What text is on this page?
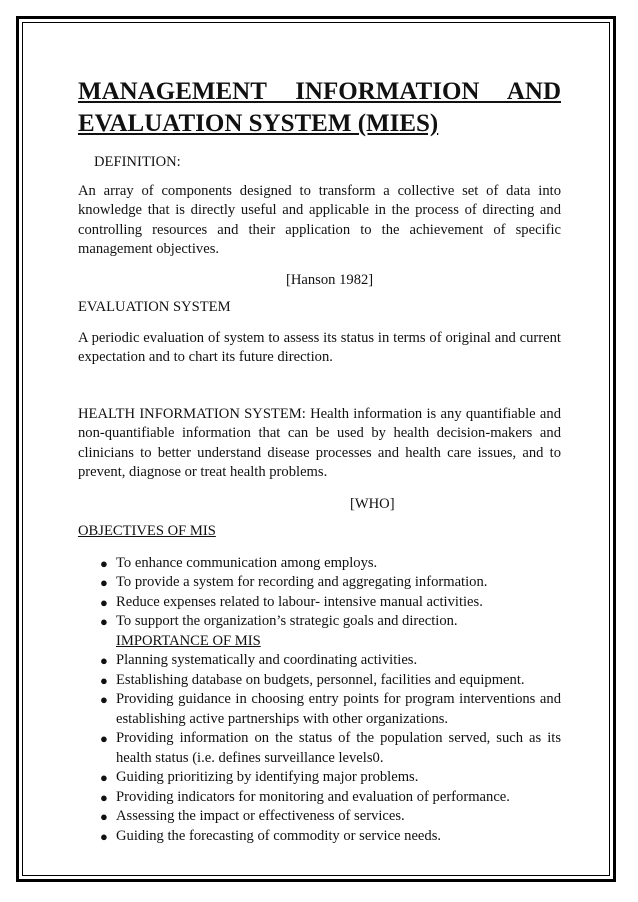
MANAGEMENT INFORMATION AND
EVALUATION SYSTEM (MIES)

DEFINITION:

An array of components designed to transform a collective set of data into knowledge that is directly useful and applicable in the process of directing and controlling resources and their application to the achievement of specific management objectives.

[Hanson 1982]

EVALUATION SYSTEM

A periodic evaluation of system to assess its status in terms of original and current expectation and to chart its future direction.

HEALTH INFORMATION SYSTEM: Health information is any quantifiable and non-quantifiable information that can be used by health decision-makers and clinicians to better understand disease processes and health care issues, and to prevent, diagnose or treat health problems.

[WHO]

OBJECTIVES OF MIS

● To enhance communication among employs.
● To provide a system for recording and aggregating information.
● Reduce expenses related to labour- intensive manual activities.
● To support the organization’s strategic goals and direction.

IMPORTANCE OF MIS

● Planning systematically and coordinating activities.
● Establishing database on budgets, personnel, facilities and equipment.
● Providing guidance in choosing entry points for program interventions and establishing active partnerships with other organizations.
● Providing information on the status of the population served, such as its health status (i.e. defines surveillance levels0.
● Guiding prioritizing by identifying major problems.
● Providing indicators for monitoring and evaluation of performance.
● Assessing the impact or effectiveness of services.
● Guiding the forecasting of commodity or service needs.
